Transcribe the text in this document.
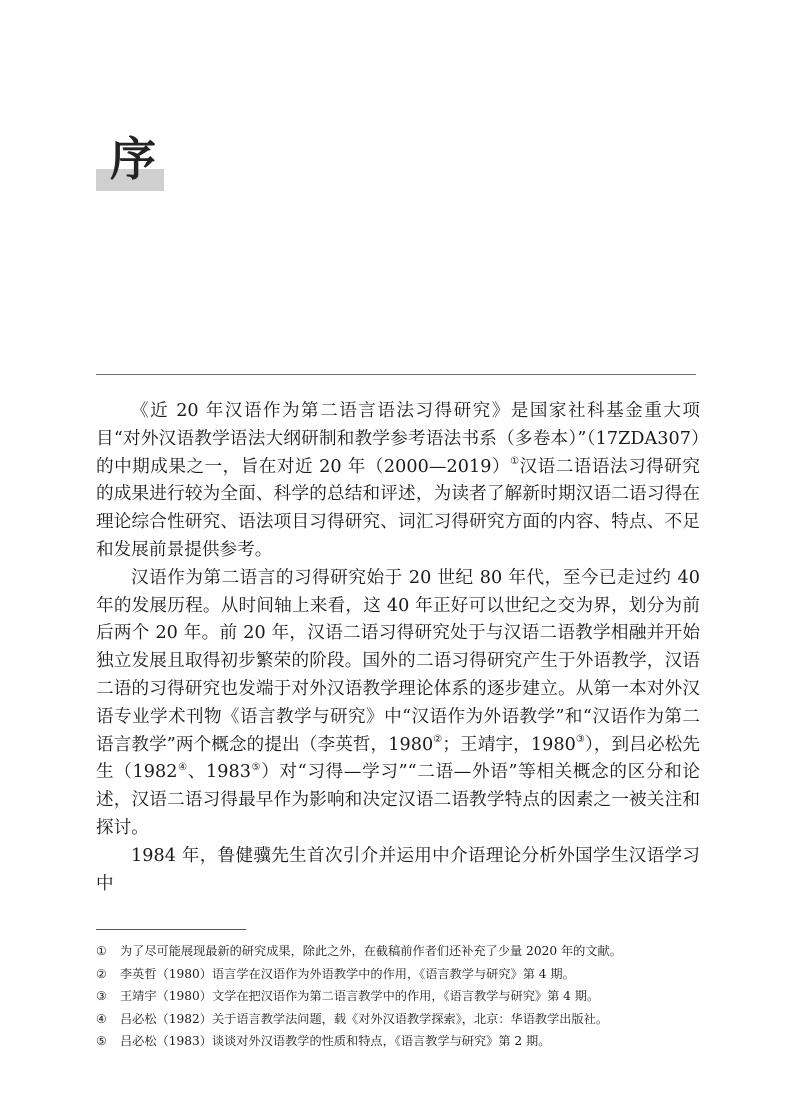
序

《近 20 年汉语作为第二语言语法习得研究》是国家社科基金重大项目“对外汉语教学语法大纲研制和教学参考语法书系（多卷本）”（17ZDA307）的中期成果之一，旨在对近 20 年（2000—2019）①汉语二语语法习得研究的成果进行较为全面、科学的总结和评述，为读者了解新时期汉语二语习得在理论综合性研究、语法项目习得研究、词汇习得研究方面的内容、特点、不足和发展前景提供参考。

汉语作为第二语言的习得研究始于 20 世纪 80 年代，至今已走过约 40 年的发展历程。从时间轴上来看，这 40 年正好可以世纪之交为界，划分为前后两个 20 年。前 20 年，汉语二语习得研究处于与汉语二语教学相融并开始独立发展且取得初步繁荣的阶段。国外的二语习得研究产生于外语教学，汉语二语的习得研究也发端于对外汉语教学理论体系的逐步建立。从第一本对外汉语专业学术刊物《语言教学与研究》中“汉语作为外语教学”和“汉语作为第二语言教学”两个概念的提出（李英哲，1980②；王靖宇，1980③），到吕必松先生（1982④、1983⑤）对“习得—学习”“二语—外语”等相关概念的区分和论述，汉语二语习得最早作为影响和决定汉语二语教学特点的因素之一被关注和探讨。

1984 年，鲁健骥先生首次引介并运用中介语理论分析外国学生汉语学习中

①	为了尽可能展现最新的研究成果，除此之外，在截稿前作者们还补充了少量 2020 年的文献。
②	李英哲（1980）语言学在汉语作为外语教学中的作用，《语言教学与研究》第 4 期。
③	王靖宇（1980）文学在把汉语作为第二语言教学中的作用，《语言教学与研究》第 4 期。
④	吕必松（1982）关于语言教学法问题，载《对外汉语教学探索》，北京：华语教学出版社。
⑤	吕必松（1983）谈谈对外汉语教学的性质和特点，《语言教学与研究》第 2 期。
